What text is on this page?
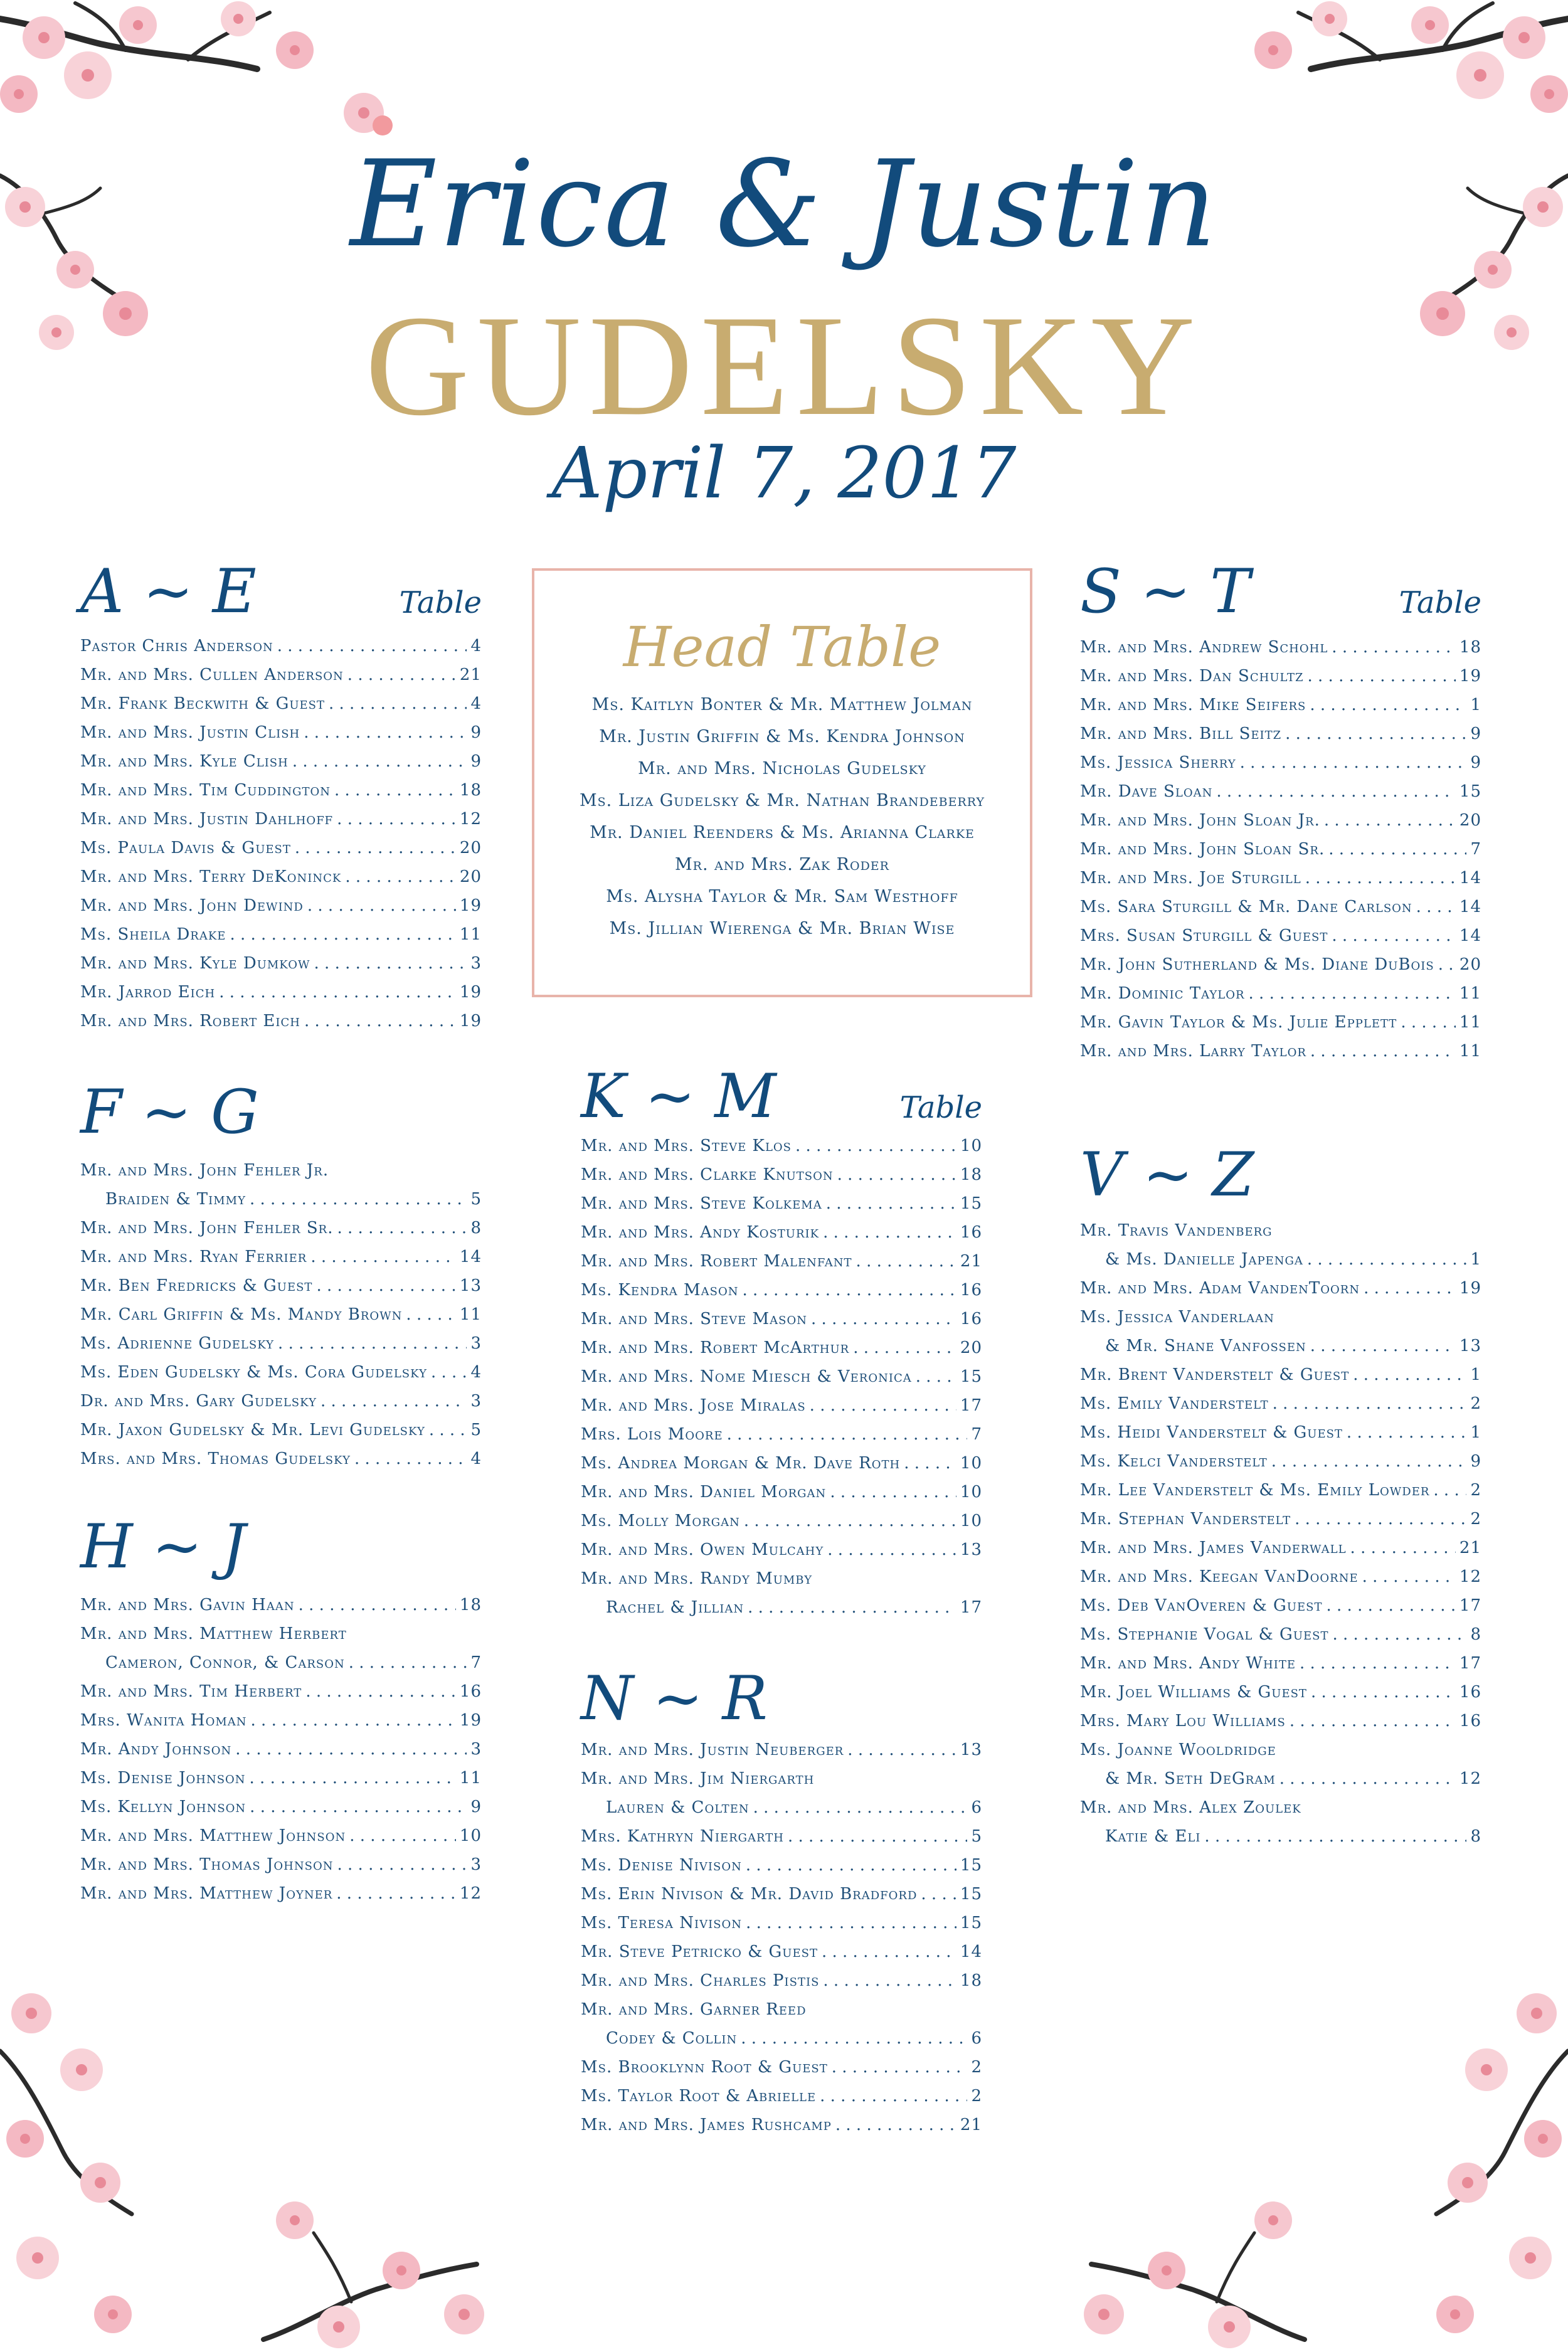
Erica & Justin
GUDELSKY
April 7, 2017
A ~ E	Table
Pastor Chris Anderson . . .	4
Mr. and Mrs. Cullen Anderson . . .	21
Mr. Frank Beckwith & Guest . . .	4
Mr. and Mrs. Justin Clish . . .	9
Mr. and Mrs. Kyle Clish . . .	9
Mr. and Mrs. Tim Cuddington . . .	18
Mr. and Mrs. Justin Dahlhoff . . .	12
Ms. Paula Davis & Guest . . .	20
Mr. and Mrs. Terry DeKoninck . . .	20
Mr. and Mrs. John Dewind . . .	19
Ms. Sheila Drake . . .	11
Mr. and Mrs. Kyle Dumkow . . .	3
Mr. Jarrod Eich . . .	19
Mr. and Mrs. Robert Eich . . .	19
F ~ G
Mr. and Mrs. John Fehler Jr.
Braiden & Timmy . . .	5
Mr. and Mrs. John Fehler Sr. . . .	8
Mr. and Mrs. Ryan Ferrier . . .	14
Mr. Ben Fredricks & Guest . . .	13
Mr. Carl Griffin & Ms. Mandy Brown . . .	11
Ms. Adrienne Gudelsky . . .	3
Ms. Eden Gudelsky & Ms. Cora Gudelsky . . .	4
Dr. and Mrs. Gary Gudelsky . . .	3
Mr. Jaxon Gudelsky & Mr. Levi Gudelsky . . .	5
Mrs. and Mrs. Thomas Gudelsky . . .	4
H ~ J
Mr. and Mrs. Gavin Haan . . .	18
Mr. and Mrs. Matthew Herbert
Cameron, Connor, & Carson . . .	7
Mr. and Mrs. Tim Herbert . . .	16
Mrs. Wanita Homan . . .	19
Mr. Andy Johnson . . .	3
Ms. Denise Johnson . . .	11
Ms. Kellyn Johnson . . .	9
Mr. and Mrs. Matthew Johnson . . .	10
Mr. and Mrs. Thomas Johnson . . .	3
Mr. and Mrs. Matthew Joyner . . .	12
Head Table
Ms. Kaitlyn Bonter & Mr. Matthew Jolman
Mr. Justin Griffin & Ms. Kendra Johnson
Mr. and Mrs. Nicholas Gudelsky
Ms. Liza Gudelsky & Mr. Nathan Brandeberry
Mr. Daniel Reenders & Ms. Arianna Clarke
Mr. and Mrs. Zak Roder
Ms. Alysha Taylor & Mr. Sam Westhoff
Ms. Jillian Wierenga & Mr. Brian Wise
K ~ M	Table
Mr. and Mrs. Steve Klos . . .	10
Mr. and Mrs. Clarke Knutson . . .	18
Mr. and Mrs. Steve Kolkema . . .	15
Mr. and Mrs. Andy Kosturik . . .	16
Mr. and Mrs. Robert Malenfant . . .	21
Ms. Kendra Mason . . .	16
Mr. and Mrs. Steve Mason . . .	16
Mr. and Mrs. Robert McArthur . . .	20
Mr. and Mrs. Nome Miesch & Veronica . . .	15
Mr. and Mrs. Jose Miralas . . .	17
Mrs. Lois Moore . . .	7
Ms. Andrea Morgan & Mr. Dave Roth . . .	10
Mr. and Mrs. Daniel Morgan . . .	10
Ms. Molly Morgan . . .	10
Mr. and Mrs. Owen Mulcahy . . .	13
Mr. and Mrs. Randy Mumby
Rachel & Jillian . . .	17
N ~ R
Mr. and Mrs. Justin Neuberger . . .	13
Mr. and Mrs. Jim Niergarth
Lauren & Colten . . .	6
Mrs. Kathryn Niergarth . . .	5
Ms. Denise Nivison . . .	15
Ms. Erin Nivison & Mr. David Bradford . . .	15
Ms. Teresa Nivison . . .	15
Mr. Steve Petricko & Guest . . .	14
Mr. and Mrs. Charles Pistis . . .	18
Mr. and Mrs. Garner Reed
Codey & Collin . . .	6
Ms. Brooklynn Root & Guest . . .	2
Ms. Taylor Root & Abrielle . . .	2
Mr. and Mrs. James Rushcamp . . .	21
S ~ T	Table
Mr. and Mrs. Andrew Schohl . . .	18
Mr. and Mrs. Dan Schultz . . .	19
Mr. and Mrs. Mike Seifers . . .	1
Mr. and Mrs. Bill Seitz . . .	9
Ms. Jessica Sherry . . .	9
Mr. Dave Sloan . . .	15
Mr. and Mrs. John Sloan Jr. . . .	20
Mr. and Mrs. John Sloan Sr. . . .	7
Mr. and Mrs. Joe Sturgill . . .	14
Ms. Sara Sturgill & Mr. Dane Carlson . . .	14
Mrs. Susan Sturgill & Guest . . .	14
Mr. John Sutherland & Ms. Diane DuBois . . . 20
Mr. Dominic Taylor . . .	11
Mr. Gavin Taylor & Ms. Julie Epplett . . .	11
Mr. and Mrs. Larry Taylor . . .	11
V ~ Z
Mr. Travis Vandenberg
& Ms. Danielle Japenga . . .	1
Mr. and Mrs. Adam VandenToorn . . .	19
Ms. Jessica Vanderlaan
& Mr. Shane Vanfossen . . .	13
Mr. Brent Vanderstelt & Guest . . .	1
Ms. Emily Vanderstelt . . .	2
Ms. Heidi Vanderstelt & Guest . . .	1
Ms. Kelci Vanderstelt . . .	9
Mr. Lee Vanderstelt & Ms. Emily Lowder . . .	2
Mr. Stephan Vanderstelt . . .	2
Mr. and Mrs. James Vanderwall . . .	21
Mr. and Mrs. Keegan VanDoorne . . .	12
Ms. Deb VanOveren & Guest . . .	17
Ms. Stephanie Vogal & Guest . . .	8
Mr. and Mrs. Andy White . . .	17
Mr. Joel Williams & Guest . . .	16
Mrs. Mary Lou Williams . . .	16
Ms. Joanne Wooldridge
& Mr. Seth DeGram . . .	12
Mr. and Mrs. Alex Zoulek
Katie & Eli . . .	8
